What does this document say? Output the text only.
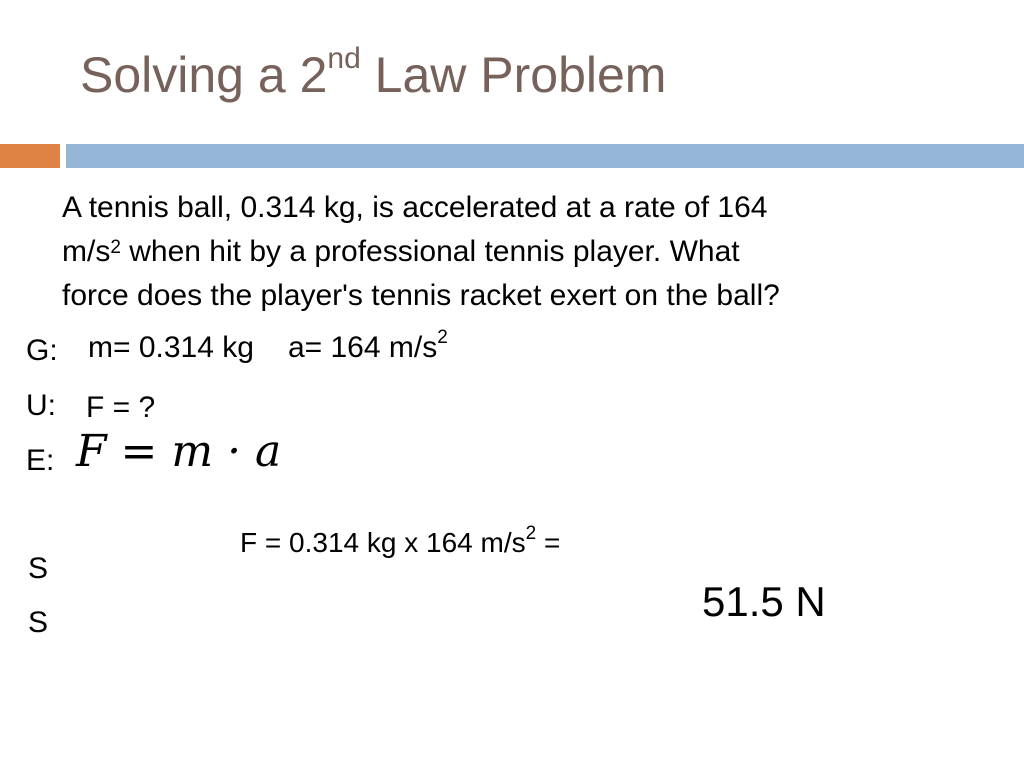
Solving a 2nd Law Problem
A tennis ball, 0.314 kg, is accelerated at a rate of 164
$m/s^2$ when hit by a professional tennis player. What
force does the player's tennis racket exert on the ball?
G:
U:
E:
S
S
m= 0.314 kg a= 164 $m/s^2$
F = ?
F = m · a
F = 0.314 kg x 164 $m/s^2$ =
51.5 N
